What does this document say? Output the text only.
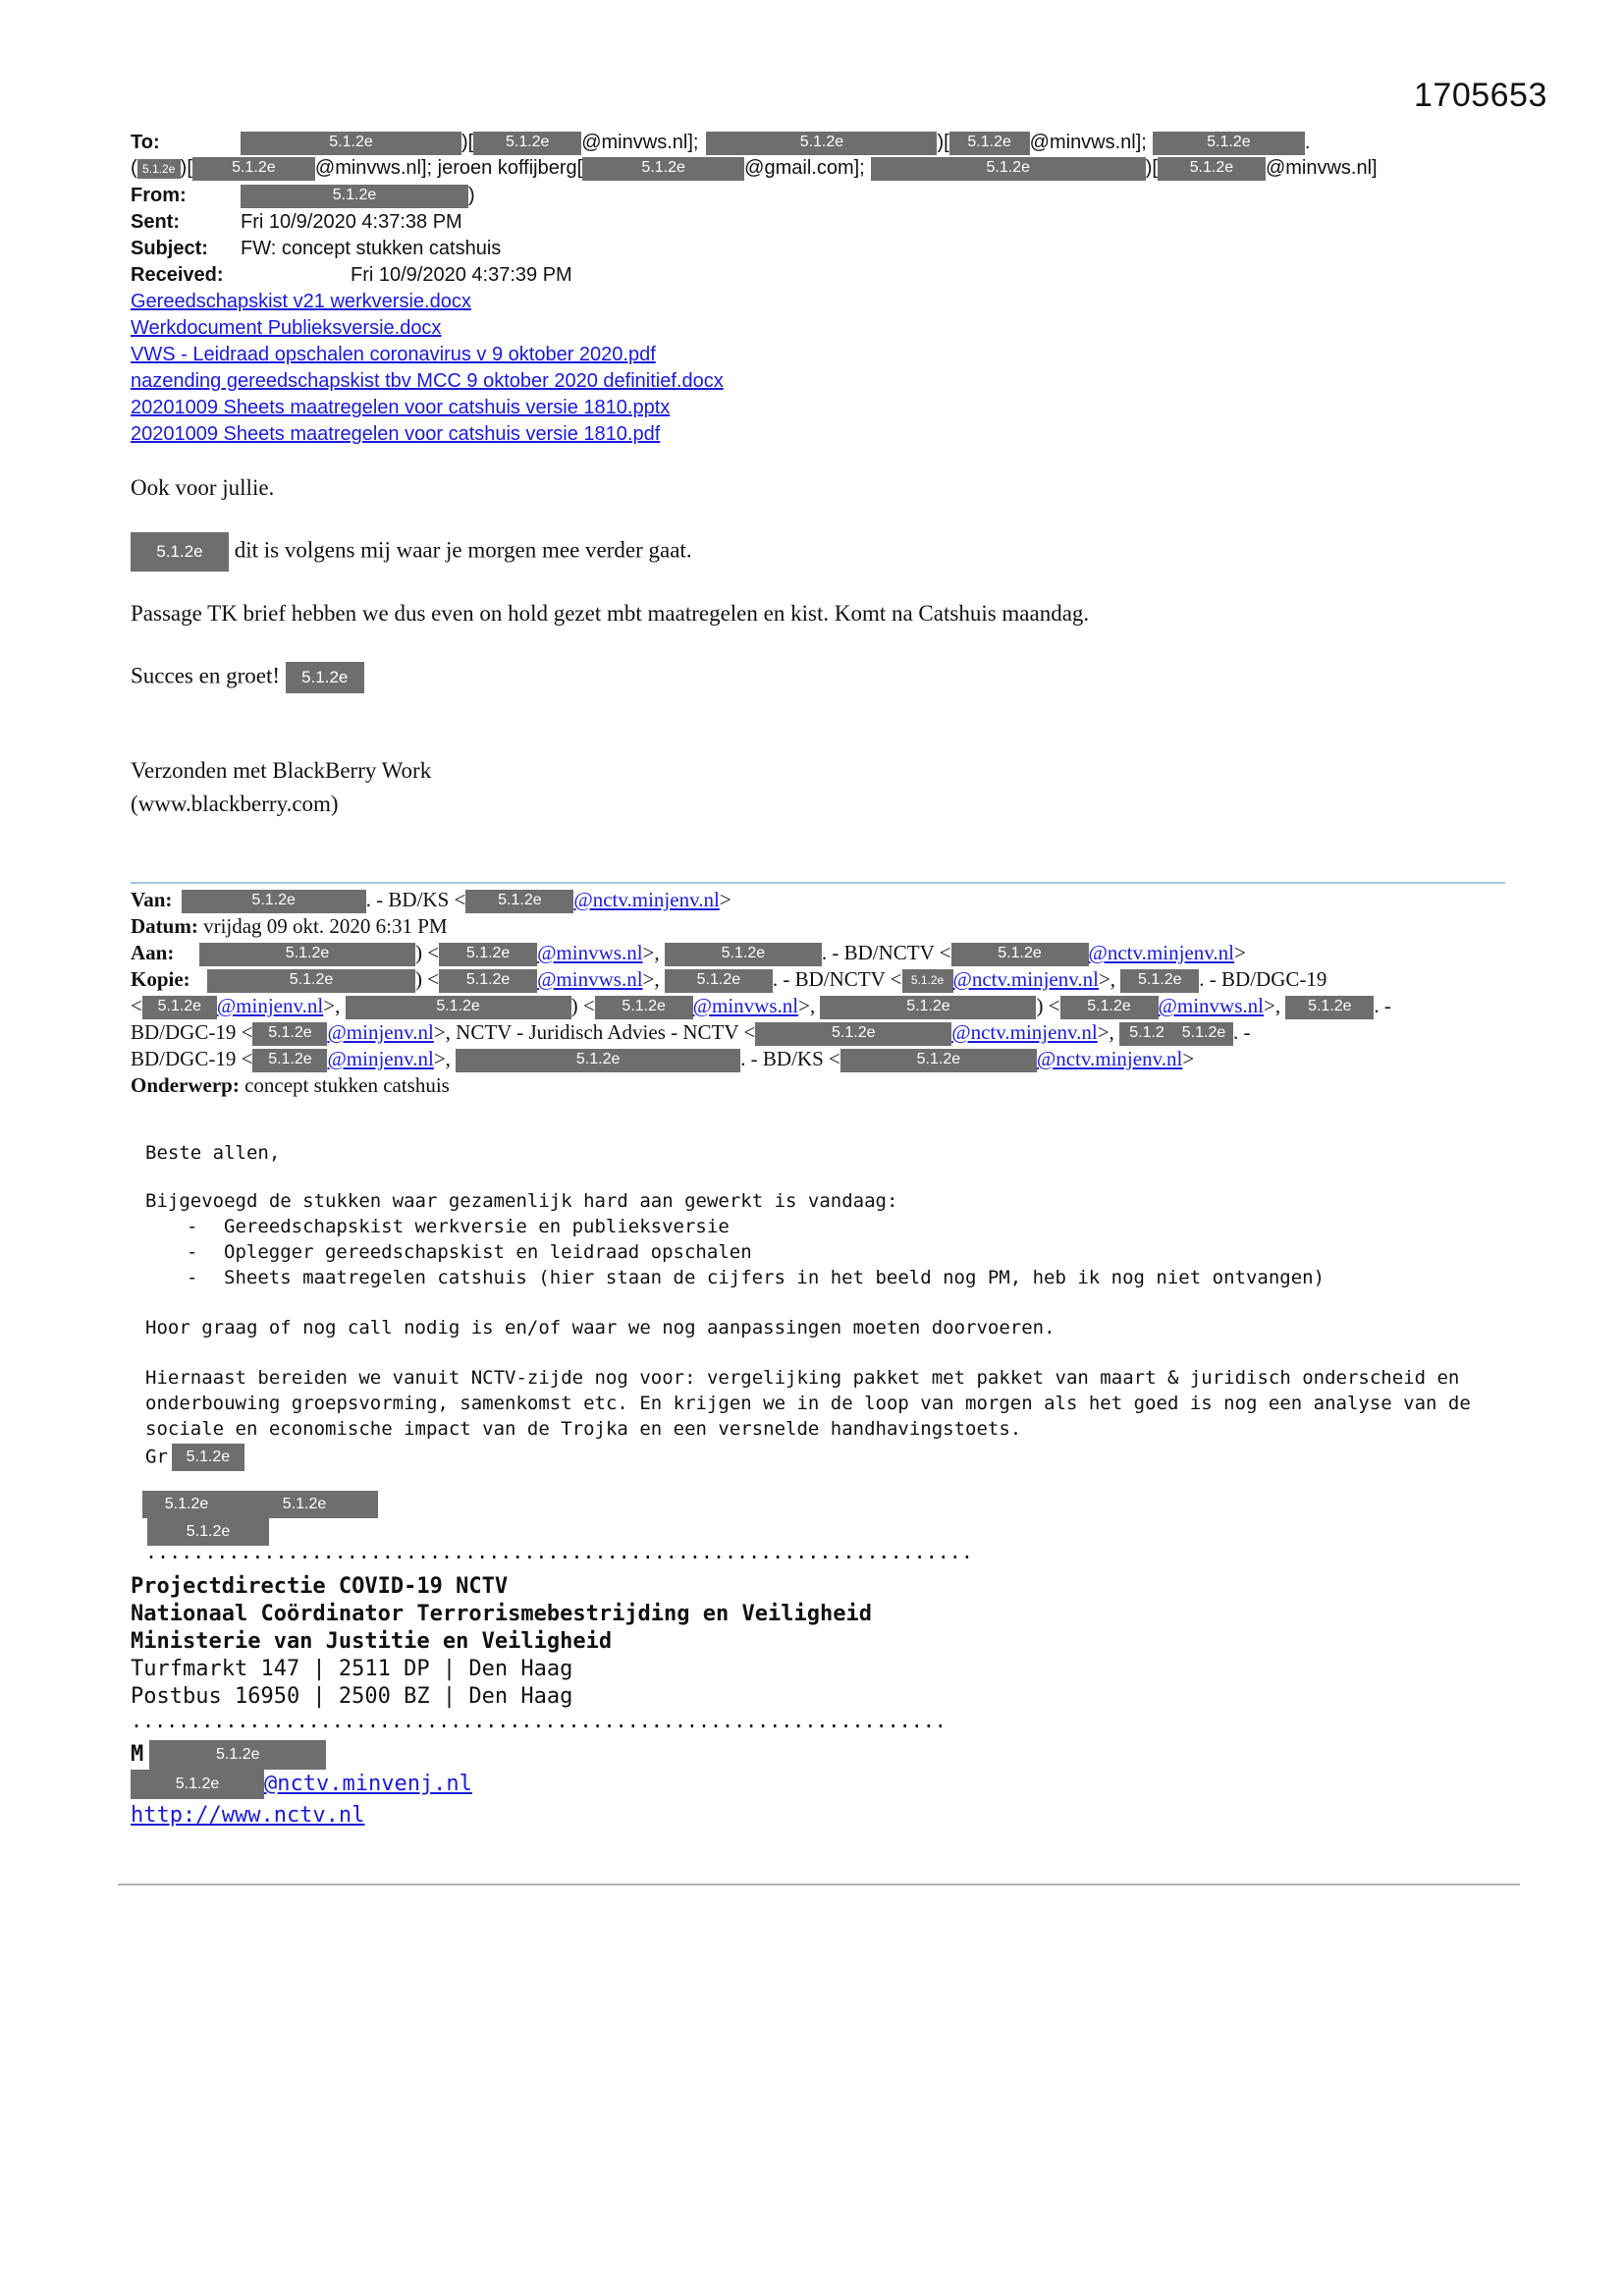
1705653
To:	5.1.2e	)[ 5.1.2e @minvws.nl];	5.1.2e	)[ 5.1.2e @minvws.nl];	5.1.2e	.
( 5.1.2e )[	5.1.2e @minvws.nl]; jeroen koffijberg[	5.1.2e	@gmail.com];	5.1.2e	)[ 5.1.2e @minvws.nl]
From:	5.1.2e	)
Sent:	Fri 10/9/2020 4:37:38 PM
Subject: FW: concept stukken catshuis
Received:	Fri 10/9/2020 4:37:39 PM
Gereedschapskist v21 werkversie.docx
Werkdocument Publieksversie.docx
VWS - Leidraad opschalen coronavirus v 9 oktober 2020.pdf
nazending gereedschapskist tbv MCC 9 oktober 2020 definitief.docx
20201009 Sheets maatregelen voor catshuis versie 1810.pptx
20201009 Sheets maatregelen voor catshuis versie 1810.pdf
Ook voor jullie.
5.1.2e dit is volgens mij waar je morgen mee verder gaat.
Passage TK brief hebben we dus even on hold gezet mbt maatregelen en kist. Komt na Catshuis maandag.
Succes en groet! 5.1.2e
Verzonden met BlackBerry Work
(www.blackberry.com)
Van:	5.1.2e	. - BD/KS < 5.1.2e @nctv.minjenv.nl>
Datum: vrijdag 09 okt. 2020 6:31 PM
Aan:	5.1.2e	) < 5.1.2e @minvws.nl>,	5.1.2e	. - BD/NCTV <	5.1.2e @nctv.minjenv.nl>
Kopie:	5.1.2e	) < 5.1.2e @minvws.nl>, 5.1.2e . - BD/NCTV < 5.1.2e @nctv.minjenv.nl>, 5.1.2e . - BD/DGC-19
< 5.1.2e @minjenv.nl>,	5.1.2e	) < 5.1.2e @minvws.nl>,	5.1.2e	) < 5.1.2e @minvws.nl>, 5.1.2e . -
BD/DGC-19 < 5.1.2e @minjenv.nl>, NCTV - Juridisch Advies - NCTV <	5.1.2e	@nctv.minjenv.nl>, 5.1.2 5.1.2e . -
BD/DGC-19 < 5.1.2e @minjenv.nl>,	5.1.2e	. - BD/KS <	5.1.2e	@nctv.minjenv.nl>
Onderwerp: concept stukken catshuis
Beste allen,
Bijgevoegd de stukken waar gezamenlijk hard aan gewerkt is vandaag:
- Gereedschapskist werkversie en publieksversie
- Oplegger gereedschapskist en leidraad opschalen
- Sheets maatregelen catshuis (hier staan de cijfers in het beeld nog PM, heb ik nog niet ontvangen)
Hoor graag of nog call nodig is en/of waar we nog aanpassingen moeten doorvoeren.
Hiernaast bereiden we vanuit NCTV-zijde nog voor: vergelijking pakket met pakket van maart & juridisch onderscheid en
onderbouwing groepsvorming, samenkomst etc. En krijgen we in de loop van morgen als het goed is nog een analyse van de
sociale en economische impact van de Trojka en een versnelde handhavingstoets.
Gr 5.1.2e
5.1.2e	5.1.2e
5.1.2e
......................................................................
Projectdirectie COVID-19 NCTV
Nationaal Coördinator Terrorismebestrijding en Veiligheid
Ministerie van Justitie en Veiligheid
Turfmarkt 147 | 2511 DP | Den Haag
Postbus 16950 | 2500 BZ | Den Haag
.....................................................................
M	5.1.2e
5.1.2e @nctv.minvenj.nl
http://www.nctv.nl
